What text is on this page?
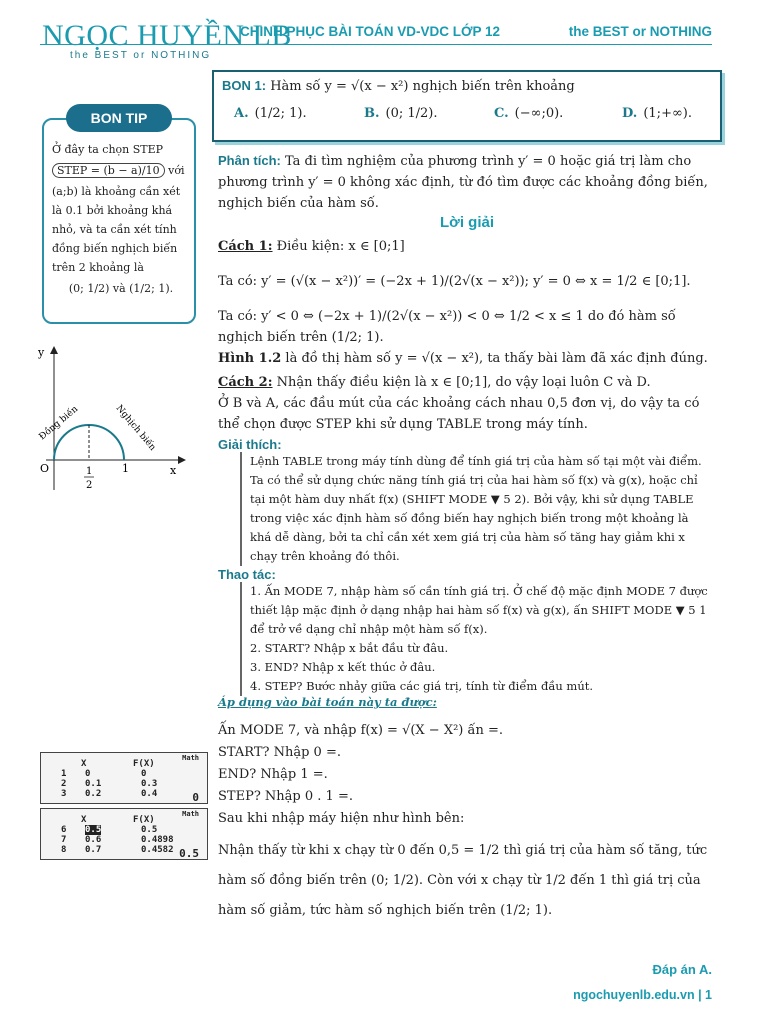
NGỌC HUYỀN LB
the BEST or NOTHING
CHINH PHỤC BÀI TOÁN VD-VDC LỚP 12	the BEST or NOTHING
BON TIP
Ở đây ta chọn STEP
STEP = (b − a)/10 với
(a;b) là khoảng cần xét là 0.1 bởi khoảng khá nhỏ, và ta cần xét tính đồng biến nghịch biến trên 2 khoảng là
(0; 1/2) và (1/2; 1).
y
x
O	1
1
2
Đồng biến	Nghịch biến
BON 1: Hàm số y = √(x − x²) nghịch biến trên khoảng
A. (1/2; 1).	B. (0; 1/2).	C. (−∞;0).	D. (1;+∞).
Phân tích: Ta đi tìm nghiệm của phương trình y′ = 0 hoặc giá trị làm cho phương trình y′ = 0 không xác định, từ đó tìm được các khoảng đồng biến, nghịch biến của hàm số.
Lời giải
Cách 1: Điều kiện: x ∈ [0;1]
Ta có: y′ = (√(x − x²))′ = (−2x + 1)/(2√(x − x²)); y′ = 0 ⇔ x = 1/2 ∈ [0;1].
Ta có: y′ < 0 ⇔ (−2x + 1)/(2√(x − x²)) < 0 ⇔ 1/2 < x ≤ 1 do đó hàm số nghịch biến trên (1/2; 1).
Hình 1.2 là đồ thị hàm số y = √(x − x²), ta thấy bài làm đã xác định đúng.
Cách 2: Nhận thấy điều kiện là x ∈ [0;1], do vậy loại luôn C và D.
Ở B và A, các đầu mút của các khoảng cách nhau 0,5 đơn vị, do vậy ta có thể chọn được STEP khi sử dụng TABLE trong máy tính.
Giải thích:
Lệnh TABLE trong máy tính dùng để tính giá trị của hàm số tại một vài điểm. Ta có thể sử dụng chức năng tính giá trị của hai hàm số f(x) và g(x), hoặc chỉ tại một hàm duy nhất f(x) (SHIFT MODE ▼ 5 2). Bởi vậy, khi sử dụng TABLE trong việc xác định hàm số đồng biến hay nghịch biến trong một khoảng là khá dễ dàng, bởi ta chỉ cần xét xem giá trị của hàm số tăng hay giảm khi x chạy trên khoảng đó thôi.
Thao tác:
1. Ấn MODE 7, nhập hàm số cần tính giá trị. Ở chế độ mặc định MODE 7 được thiết lập mặc định ở dạng nhập hai hàm số f(x) và g(x), ấn SHIFT MODE ▼ 5 1 để trở về dạng chỉ nhập một hàm số f(x).
2. START? Nhập x bắt đầu từ đâu.
3. END? Nhập x kết thúc ở đâu.
4. STEP? Bước nhảy giữa các giá trị, tính từ điểm đầu mút.
Áp dụng vào bài toán này ta được:
Ấn MODE 7, và nhập f(x) = √(X − X²) ấn =.
START? Nhập 0 =.
END? Nhập 1 =.
STEP? Nhập 0 . 1 =.
Sau khi nhập máy hiện như hình bên:
Nhận thấy từ khi x chạy từ 0 đến 0,5 = 1/2 thì giá trị của hàm số tăng, tức hàm số đồng biến trên (0; 1/2). Còn với x chạy từ 1/2 đến 1 thì giá trị của hàm số giảm, tức hàm số nghịch biến trên (1/2; 1).
Math
X	F(X)
1 0	0
2 0.1	0.3
3 0.2	0.4	0
Math
X	F(X)
6 0.5	0.5
7 0.6	0.4898
8 0.7	0.4582 0.5
Đáp án A.
ngochuyenlb.edu.vn | 1
